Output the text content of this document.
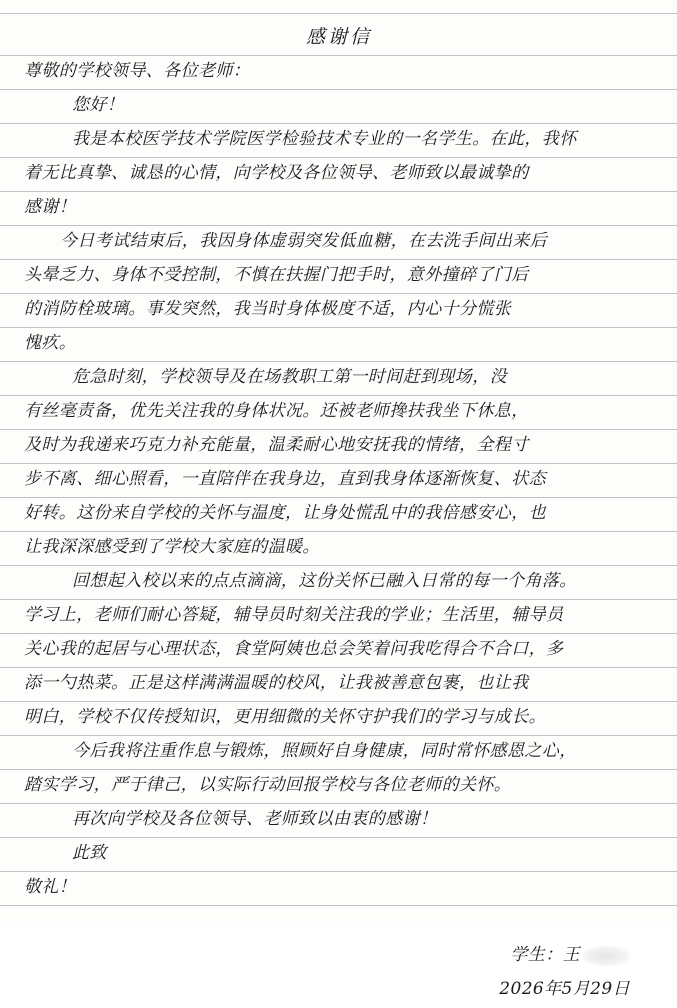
感谢信
尊敬的学校领导、各位老师：
您好！
我是本校医学技术学院医学检验技术专业的一名学生。在此，我怀
着无比真挚、诚恳的心情，向学校及各位领导、老师致以最诚挚的
感谢！
今日考试结束后，我因身体虚弱突发低血糖，在去洗手间出来后
头晕乏力、身体不受控制，不慎在扶握门把手时，意外撞碎了门后
的消防栓玻璃。事发突然，我当时身体极度不适，内心十分慌张
愧疚。
危急时刻，学校领导及在场教职工第一时间赶到现场，没
有丝毫责备，优先关注我的身体状况。还被老师搀扶我坐下休息，
及时为我递来巧克力补充能量，温柔耐心地安抚我的情绪，全程寸
步不离、细心照看，一直陪伴在我身边，直到我身体逐渐恢复、状态
好转。这份来自学校的关怀与温度，让身处慌乱中的我倍感安心，也
让我深深感受到了学校大家庭的温暖。
回想起入校以来的点点滴滴，这份关怀已融入日常的每一个角落。
学习上，老师们耐心答疑，辅导员时刻关注我的学业；生活里，辅导员
关心我的起居与心理状态，食堂阿姨也总会笑着问我吃得合不合口，多
添一勺热菜。正是这样满满温暖的校风，让我被善意包裹，也让我
明白，学校不仅传授知识，更用细微的关怀守护我们的学习与成长。
今后我将注重作息与锻炼，照顾好自身健康，同时常怀感恩之心，
踏实学习，严于律己，以实际行动回报学校与各位老师的关怀。
再次向学校及各位领导、老师致以由衷的感谢！
此致
敬礼！
学生：王
2026年5月29日
